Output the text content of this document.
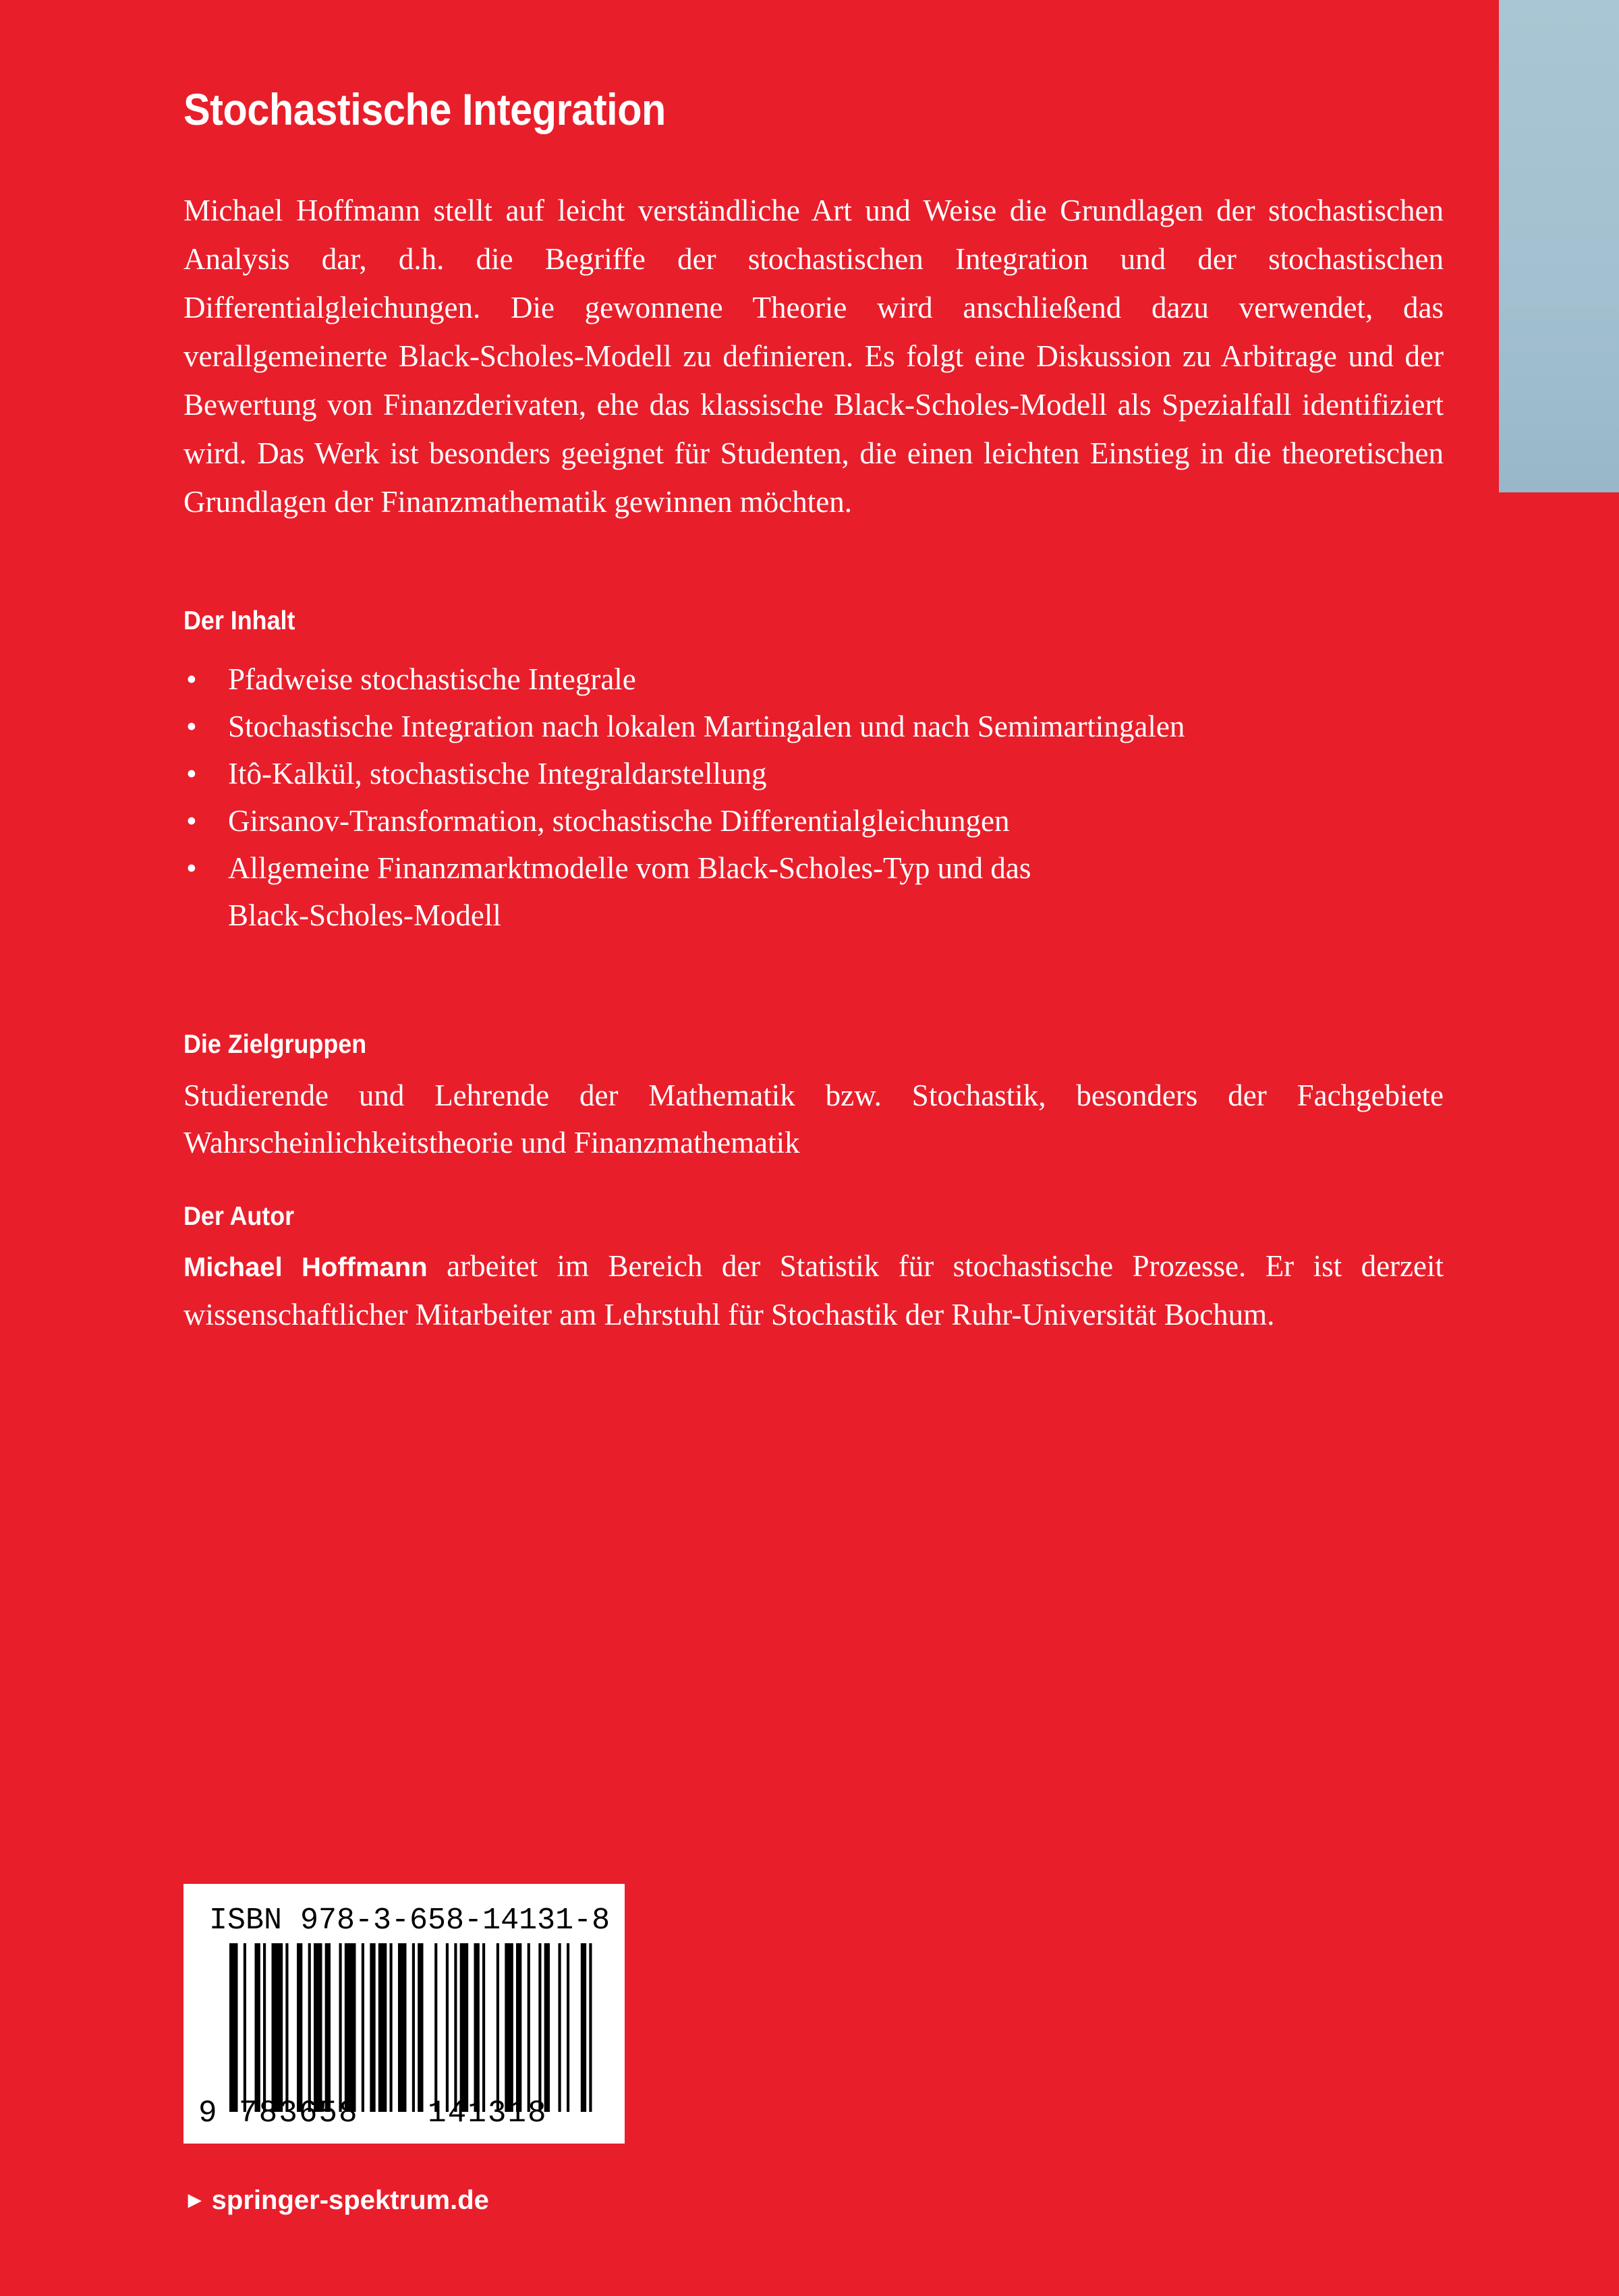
Stochastische Integration

Michael Hoffmann stellt auf leicht verständliche Art und Weise die Grundlagen der stochastischen Analysis dar, d.h. die Begriffe der stochastischen Integration und der stochastischen Differentialgleichungen. Die gewonnene Theorie wird anschließend dazu verwendet, das verallgemeinerte Black-Scholes-Modell zu definieren. Es folgt eine Diskussion zu Arbitrage und der Bewertung von Finanzderivaten, ehe das klassische Black-Scholes-Modell als Spezialfall identifiziert wird. Das Werk ist besonders geeignet für Studenten, die einen leichten Einstieg in die theoretischen Grundlagen der Finanzmathematik gewinnen möchten.

Der Inhalt
• Pfadweise stochastische Integrale
• Stochastische Integration nach lokalen Martingalen und nach Semimartingalen
• Itô-Kalkül, stochastische Integraldarstellung
• Girsanov-Transformation, stochastische Differentialgleichungen
• Allgemeine Finanzmarktmodelle vom Black-Scholes-Typ und das Black-Scholes-Modell
Die Zielgruppen

Studierende und Lehrende der Mathematik bzw. Stochastik, besonders der Fachgebiete Wahrscheinlichkeitstheorie und Finanzmathematik

Der Autor

Michael Hoffmann arbeitet im Bereich der Statistik für stochastische Prozesse. Er ist derzeit wissenschaftlicher Mitarbeiter am Lehrstuhl für Stochastik der Ruhr-Universität Bochum.

ISBN 978-3-658-14131-8
9 783658 141318
► springer-spektrum.de
